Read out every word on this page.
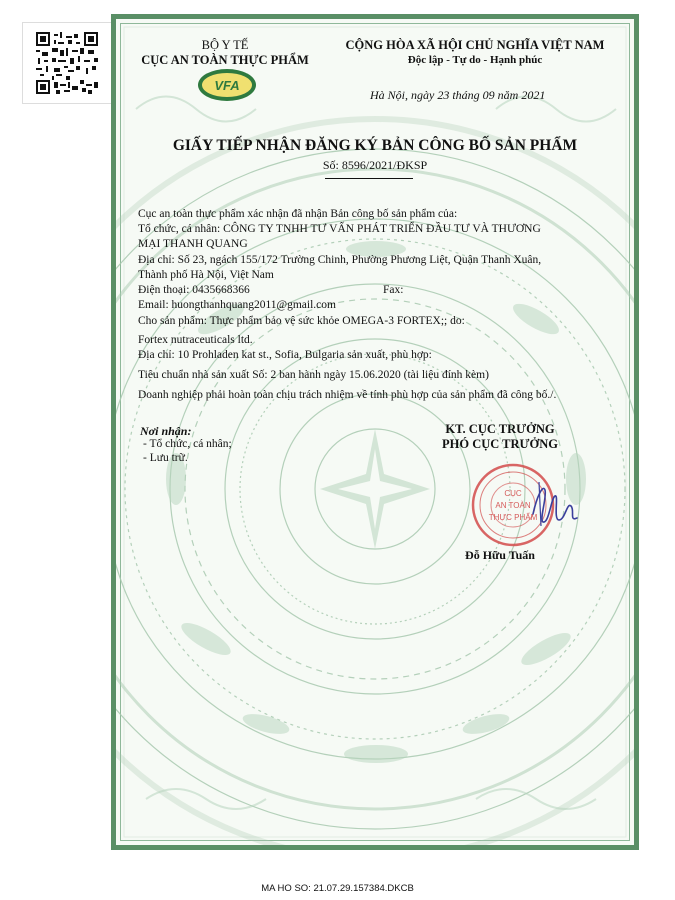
VFA
BỘ Y TẾ
CỤC AN TOÀN THỰC PHẨM
CỘNG HÒA XÃ HỘI CHỦ NGHĨA VIỆT NAM
Độc lập - Tự do - Hạnh phúc
Hà Nội, ngày 23 tháng 09 năm 2021
GIẤY TIẾP NHẬN ĐĂNG KÝ BẢN CÔNG BỐ SẢN PHẨM
Số: 8596/2021/ĐKSP
Cục an toàn thực phẩm xác nhận đã nhận Bản công bố sản phẩm của:
Tổ chức, cá nhân: CÔNG TY TNHH TƯ VẤN PHÁT TRIỂN ĐẦU TƯ VÀ THƯƠNG
MẠI THANH QUANG
Địa chỉ: Số 23, ngách 155/172 Trường Chinh, Phường Phương Liệt, Quận Thanh Xuân,
Thành phố Hà Nội, Việt Nam
Điện thoại: 0435668366	Fax:
Email: huongthanhquang2011@gmail.com
Cho sản phẩm: Thực phẩm bảo vệ sức khỏe OMEGA-3 FORTEX;; do:
Fortex nutraceuticals ltd.
Địa chỉ: 10 Prohladen kat st., Sofia, Bulgaria sản xuất, phù hợp:
Tiêu chuẩn nhà sản xuất Số: 2 ban hành ngày 15.06.2020 (tài liệu đính kèm)
Doanh nghiệp phải hoàn toàn chịu trách nhiệm về tính phù hợp của sản phẩm đã công bố./.
Nơi nhận:
- Tổ chức, cá nhân;
- Lưu trữ.
KT. CỤC TRƯỞNG
PHÓ CỤC TRƯỞNG
CỤC
AN TOÀN
THỰC PHẨM
Đỗ Hữu Tuấn
MA HO SO: 21.07.29.157384.DKCB
